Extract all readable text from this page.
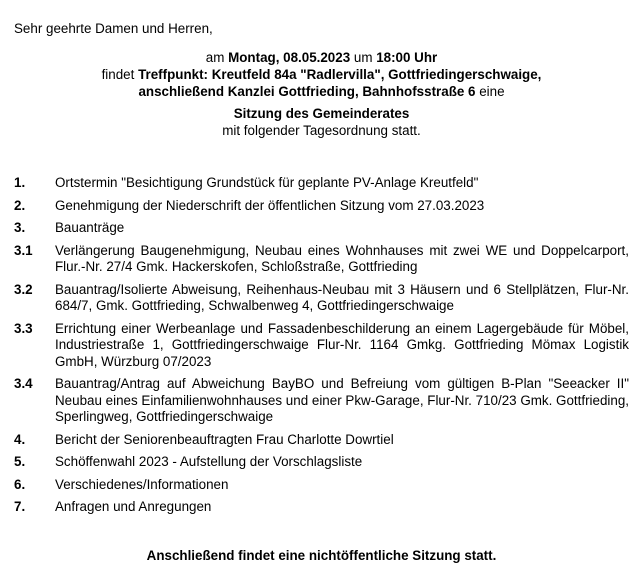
Sehr geehrte Damen und Herren,

am Montag, 08.05.2023 um 18:00 Uhr

findet Treffpunkt: Kreutfeld 84a "Radlervilla", Gottfriedingerschwaige,

anschließend Kanzlei Gottfrieding, Bahnhofsstraße 6 eine

Sitzung des Gemeinderates

mit folgender Tagesordnung statt.

1.	Ortstermin "Besichtigung Grundstück für geplante PV-Anlage Kreutfeld"
2.	Genehmigung der Niederschrift der öffentlichen Sitzung vom 27.03.2023
3.	Bauanträge
3.1	Verlängerung Baugenehmigung, Neubau eines Wohnhauses mit zwei WE und Doppelcarport, Flur.-Nr. 27/4 Gmk. Hackerskofen, Schloßstraße, Gottfrieding
3.2	Bauantrag/Isolierte Abweisung, Reihenhaus-Neubau mit 3 Häusern und 6 Stellplätzen, Flur-Nr. 684/7, Gmk. Gottfrieding, Schwalbenweg 4, Gottfriedingerschwaige
3.3	Errichtung einer Werbeanlage und Fassadenbeschilderung an einem Lagergebäude für Möbel, Industriestraße 1, Gottfriedingerschwaige Flur-Nr. 1164 Gmkg. Gottfrieding Mömax Logistik GmbH, Würzburg 07/2023
3.4	Bauantrag/Antrag auf Abweichung BayBO und Befreiung vom gültigen B-Plan "Seeacker II" Neubau eines Einfamilienwohnhauses und einer Pkw-Garage, Flur-Nr. 710/23 Gmk. Gottfrieding, Sperlingweg, Gottfriedingerschwaige
4.	Bericht der Seniorenbeauftragten Frau Charlotte Dowrtiel
5.	Schöffenwahl 2023 - Aufstellung der Vorschlagsliste
6.	Verschiedenes/Informationen
7.	Anfragen und Anregungen

Anschließend findet eine nichtöffentliche Sitzung statt.
